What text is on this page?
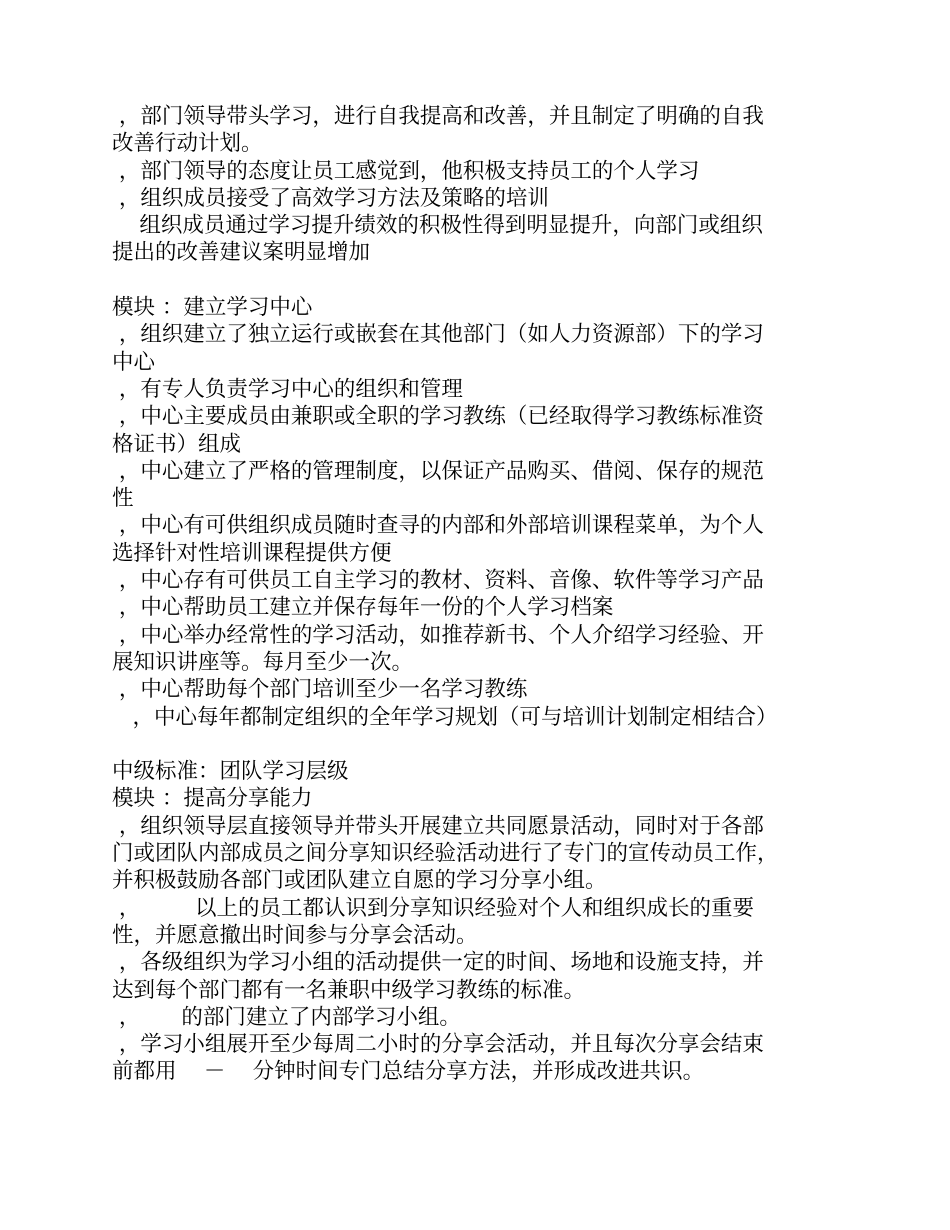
，部门领导带头学习，进行自我提高和改善，并且制定了明确的自我
改善行动计划。
，部门领导的态度让员工感觉到，他积极支持员工的个人学习
，组织成员接受了高效学习方法及策略的培训
组织成员通过学习提升绩效的积极性得到明显提升，向部门或组织
提出的改善建议案明显增加
模块 ：建立学习中心
，组织建立了独立运行或嵌套在其他部门（如人力资源部）下的学习
中心
，有专人负责学习中心的组织和管理
，中心主要成员由兼职或全职的学习教练（已经取得学习教练标准资
格证书）组成
，中心建立了严格的管理制度，以保证产品购买、借阅、保存的规范
性
，中心有可供组织成员随时查寻的内部和外部培训课程菜单，为个人
选择针对性培训课程提供方便
，中心存有可供员工自主学习的教材、资料、音像、软件等学习产品
，中心帮助员工建立并保存每年一份的个人学习档案
，中心举办经常性的学习活动，如推荐新书、个人介绍学习经验、开
展知识讲座等。每月至少一次。
，中心帮助每个部门培训至少一名学习教练
，中心每年都制定组织的全年学习规划（可与培训计划制定相结合）
中级标准：团队学习层级
模块 ：提高分享能力
，组织领导层直接领导并带头开展建立共同愿景活动，同时对于各部
门或团队内部成员之间分享知识经验活动进行了专门的宣传动员工作，
并积极鼓励各部门或团队建立自愿的学习分享小组。
，        以上的员工都认识到分享知识经验对个人和组织成长的重要
性，并愿意撤出时间参与分享会活动。
，各级组织为学习小组的活动提供一定的时间、场地和设施支持，并
达到每个部门都有一名兼职中级学习教练的标准。
，      的部门建立了内部学习小组。
，学习小组展开至少每周二小时的分享会活动，并且每次分享会结束
前都用    －    分钟时间专门总结分享方法，并形成改进共识。
